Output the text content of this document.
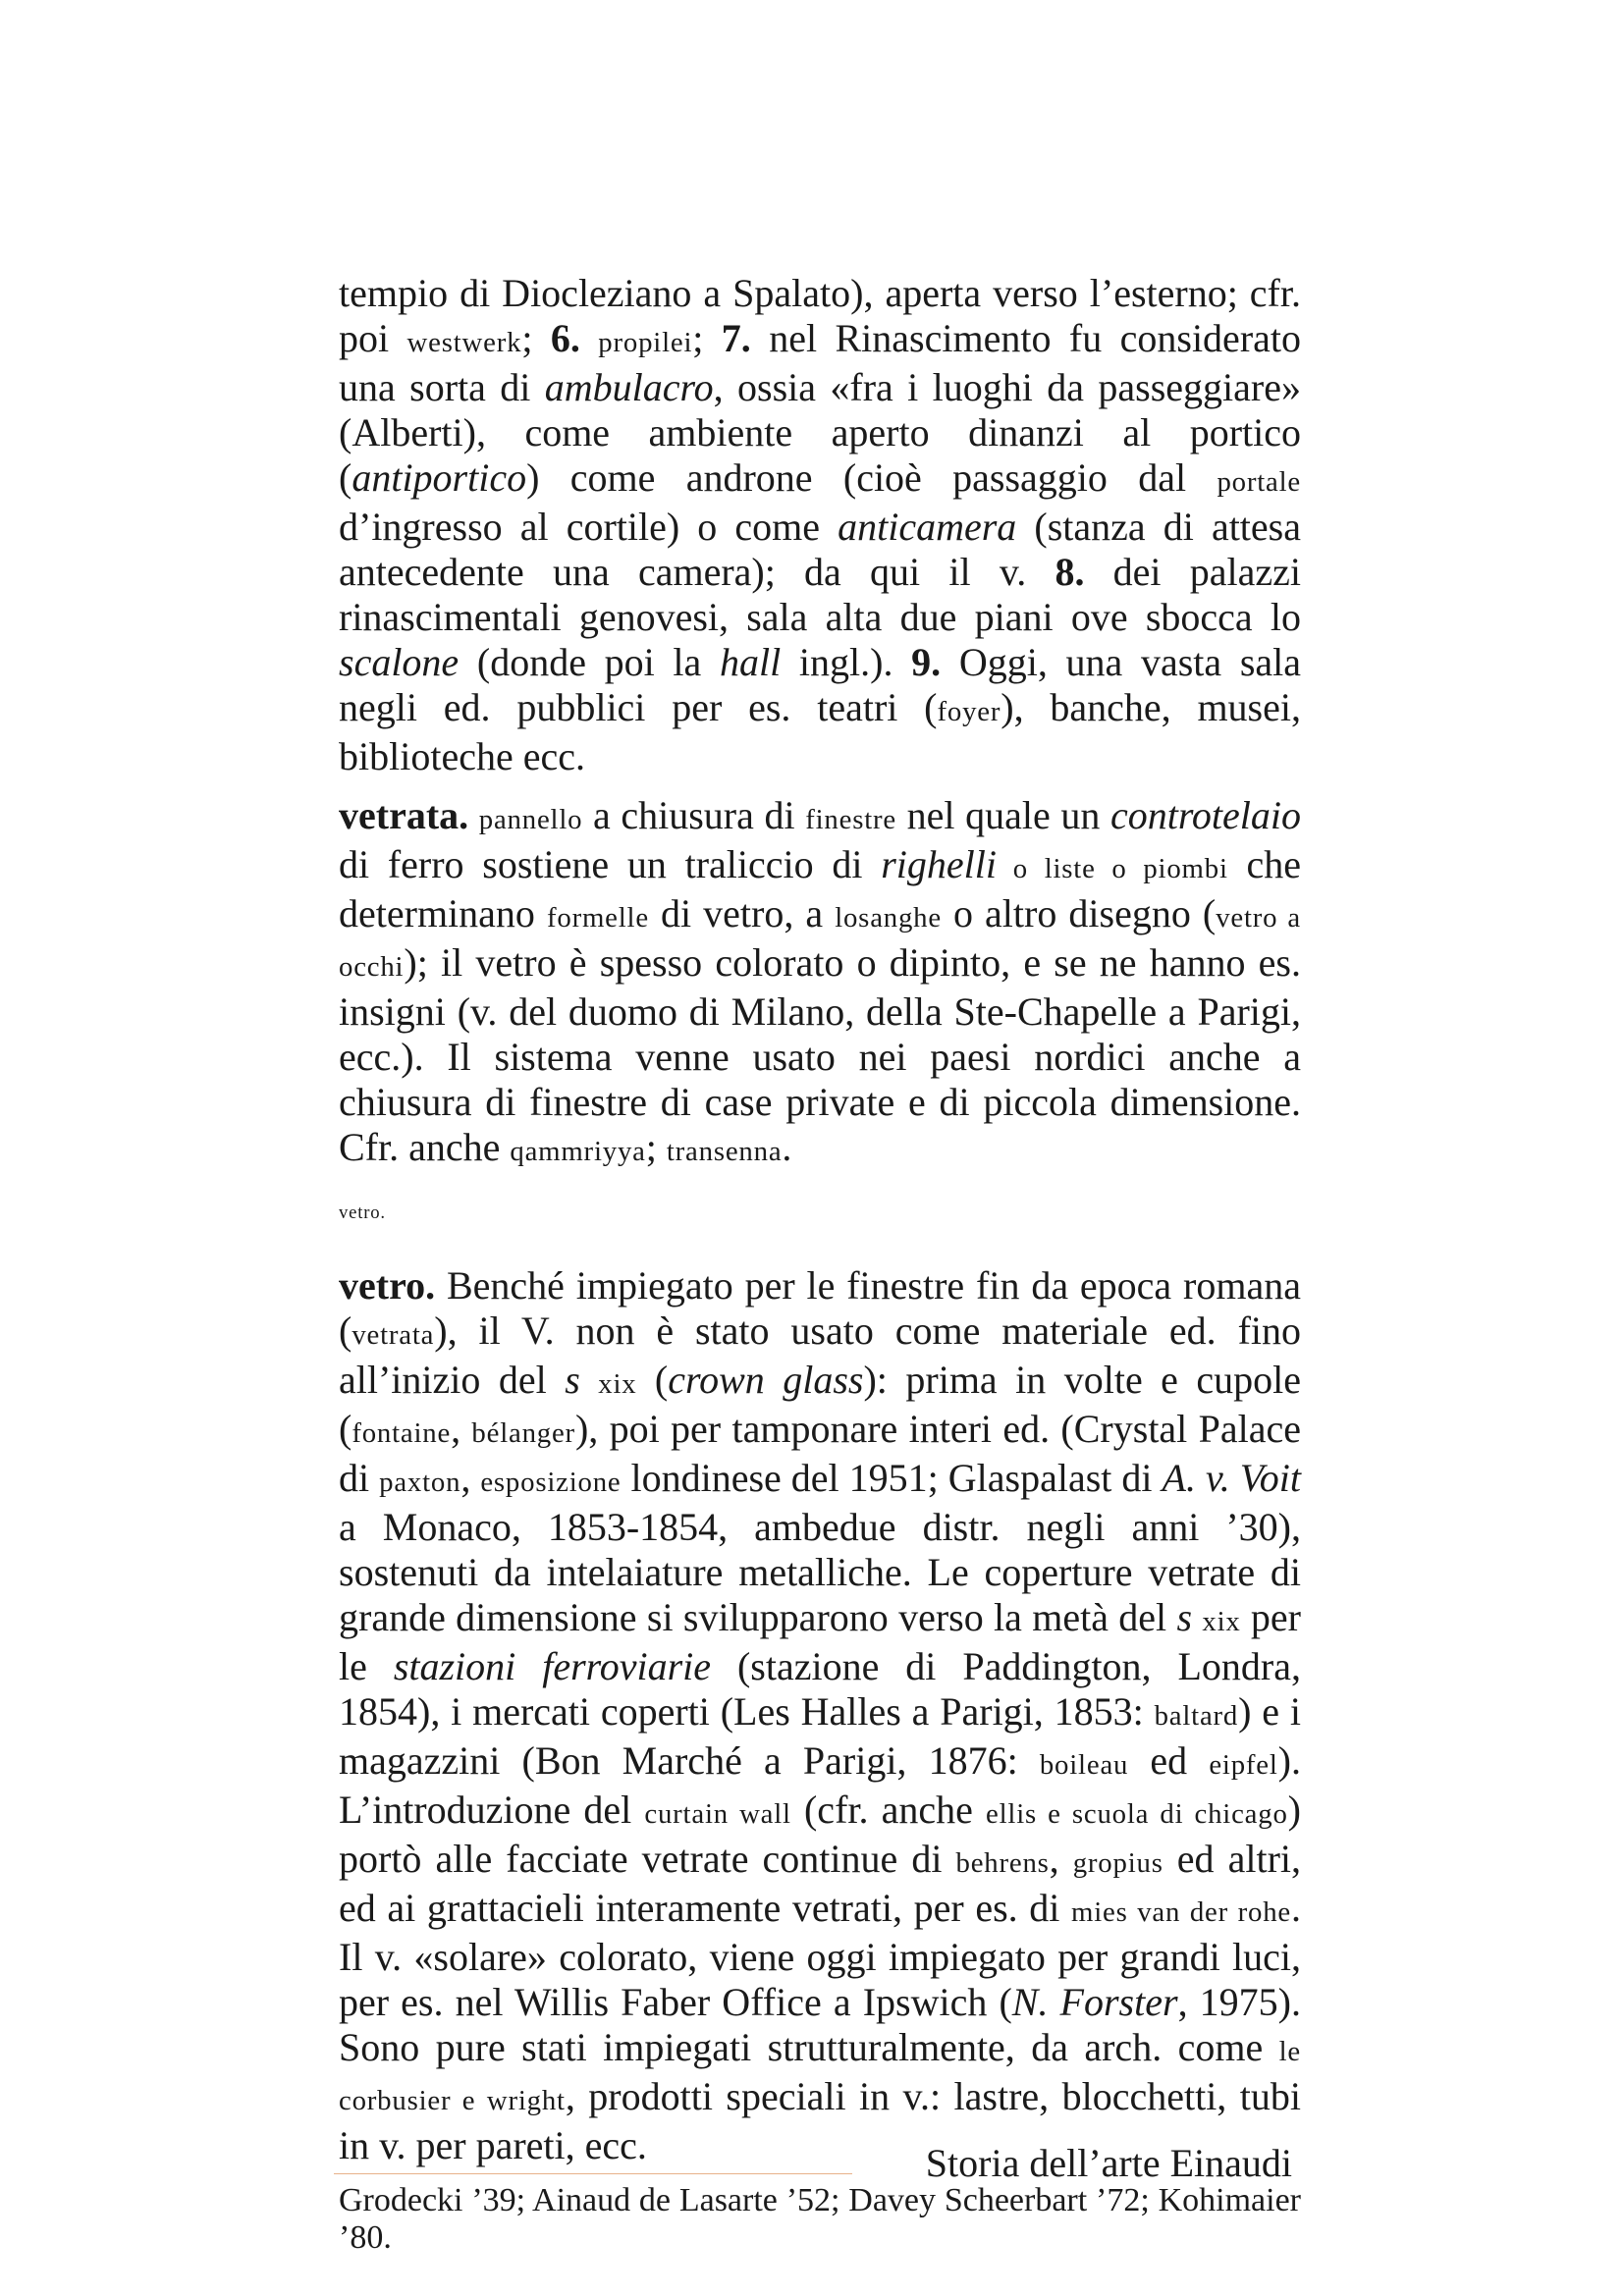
tempio di Diocleziano a Spalato), aperta verso l’esterno; cfr. poi westwerk; 6. propilei; 7. nel Rinascimento fu considerato una sorta di ambulacro, ossia «fra i luoghi da passeggiare» (Alberti), come ambiente aperto dinanzi al portico (antiportico) come androne (cioè passaggio dal portale d’ingresso al cortile) o come anticamera (stanza di attesa antecedente una camera); da qui il v. 8. dei palazzi rinascimentali genovesi, sala alta due piani ove sbocca lo scalone (donde poi la hall ingl.). 9. Oggi, una vasta sala negli ed. pubblici per es. teatri (foyer), banche, musei, biblioteche ecc.

vetrata. pannello a chiusura di finestre nel quale un controtelaio di ferro sostiene un traliccio di righelli o liste o piombi che determinano formelle di vetro, a losanghe o altro disegno (vetro a occhi); il vetro è spesso colorato o dipinto, e se ne hanno es. insigni (v. del duomo di Milano, della Ste-Chapelle a Parigi, ecc.). Il sistema venne usato nei paesi nordici anche a chiusura di finestre di case private e di piccola dimensione. Cfr. anche qammriyya; transenna.

vetro.

vetro. Benché impiegato per le finestre fin da epoca romana (vetrata), il V. non è stato usato come materiale ed. fino all’inizio del s xix (crown glass): prima in volte e cupole (fontaine, bélanger), poi per tamponare interi ed. (Crystal Palace di paxton, esposizione londinese del 1951; Glaspalast di A. v. Voit a Monaco, 1853-1854, ambedue distr. negli anni ’30), sostenuti da intelaiature metalliche. Le coperture vetrate di grande dimensione si svilupparono verso la metà del s xix per le stazioni ferroviarie (stazione di Paddington, Londra, 1854), i mercati coperti (Les Halles a Parigi, 1853: baltard) e i magazzini (Bon Marché a Parigi, 1876: boileau ed eipfel). L’introduzione del curtain wall (cfr. anche ellis e scuola di chicago) portò alle facciate vetrate continue di behrens, gropius ed altri, ed ai grattacieli interamente vetrati, per es. di mies van der rohe. Il v. «solare» colorato, viene oggi impiegato per grandi luci, per es. nel Willis Faber Office a Ipswich (N. Forster, 1975). Sono pure stati impiegati strutturalmente, da arch. come le corbusier e wright, prodotti speciali in v.: lastre, blocchetti, tubi in v. per pareti, ecc.

Grodecki ’39; Ainaud de Lasarte ’52; Davey Scheerbart ’72; Kohimaier ’80.

Storia dell’arte Einaudi
